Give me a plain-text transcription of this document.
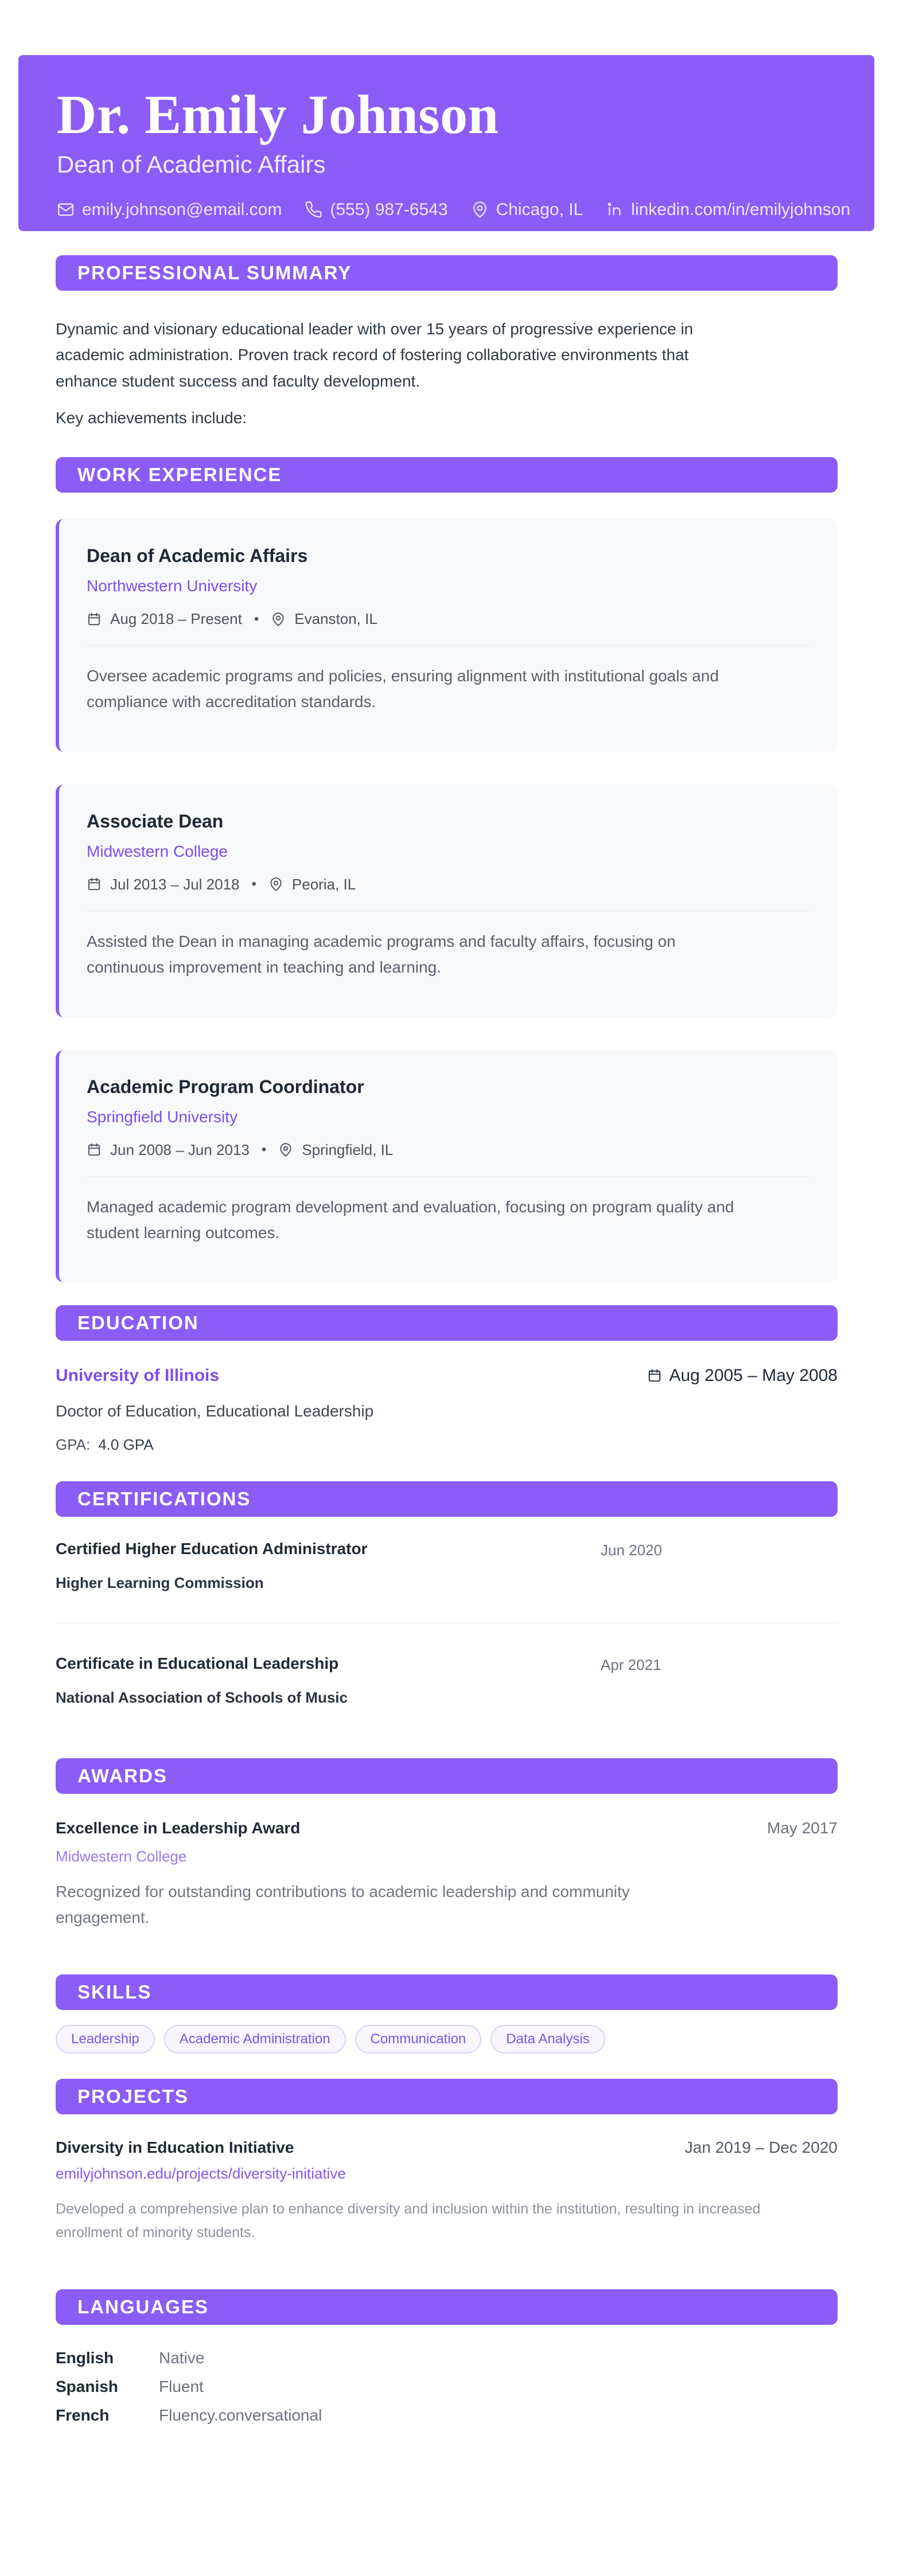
Dr. Emily Johnson
Dean of Academic Affairs
emily.johnson@email.com	(555) 987-6543	Chicago, IL	linkedin.com/in/emilyjohnson
PROFESSIONAL SUMMARY

Dynamic and visionary educational leader with over 15 years of progressive experience in academic administration. Proven track record of fostering collaborative environments that enhance student success and faculty development.

Key achievements include:

WORK EXPERIENCE
Dean of Academic Affairs
Northwestern University
Aug 2018 – Present • Evanston, IL

Oversee academic programs and policies, ensuring alignment with institutional goals and compliance with accreditation standards.

Associate Dean
Midwestern College
Jul 2013 – Jul 2018 • Peoria, IL

Assisted the Dean in managing academic programs and faculty affairs, focusing on continuous improvement in teaching and learning.

Academic Program Coordinator
Springfield University
Jun 2008 – Jun 2013 • Springfield, IL

Managed academic program development and evaluation, focusing on program quality and student learning outcomes.

EDUCATION
University of Illinois	Aug 2005 – May 2008
Doctor of Education, Educational Leadership
GPA: 4.0 GPA
CERTIFICATIONS
Certified Higher Education Administrator	Jun 2020
Higher Learning Commission
Certificate in Educational Leadership	Apr 2021
National Association of Schools of Music
AWARDS
Excellence in Leadership Award	May 2017
Midwestern College

Recognized for outstanding contributions to academic leadership and community engagement.

SKILLS
Leadership	Academic Administration	Communication	Data Analysis
PROJECTS
Diversity in Education Initiative	Jan 2019 – Dec 2020
emilyjohnson.edu/projects/diversity-initiative

Developed a comprehensive plan to enhance diversity and inclusion within the institution, resulting in increased enrollment of minority students.

LANGUAGES
English	Native
Spanish	Fluent
French	Fluency.conversational
